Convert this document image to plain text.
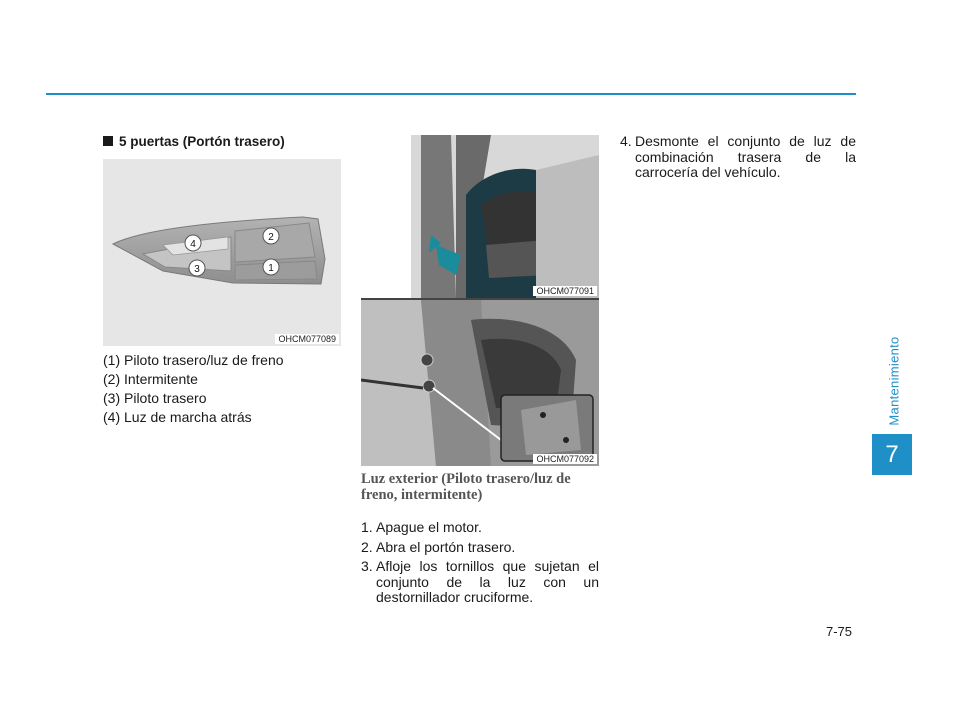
5 puertas (Portón trasero)
1
2
3
4
OHCM077089
(1) Piloto trasero/luz de freno
(2) Intermitente
(3) Piloto trasero
(4) Luz de marcha atrás
OHCM077091
OHCM077092
Luz exterior (Piloto trasero/luz de freno, intermitente)
1. Apague el motor.
2. Abra el portón trasero.
3. Afloje los tornillos que sujetan el conjunto de la luz con un destornillador cruciforme.
4. Desmonte el conjunto de luz de combinación trasera de la carrocería del vehículo.
Mantenimiento
7
7-75
